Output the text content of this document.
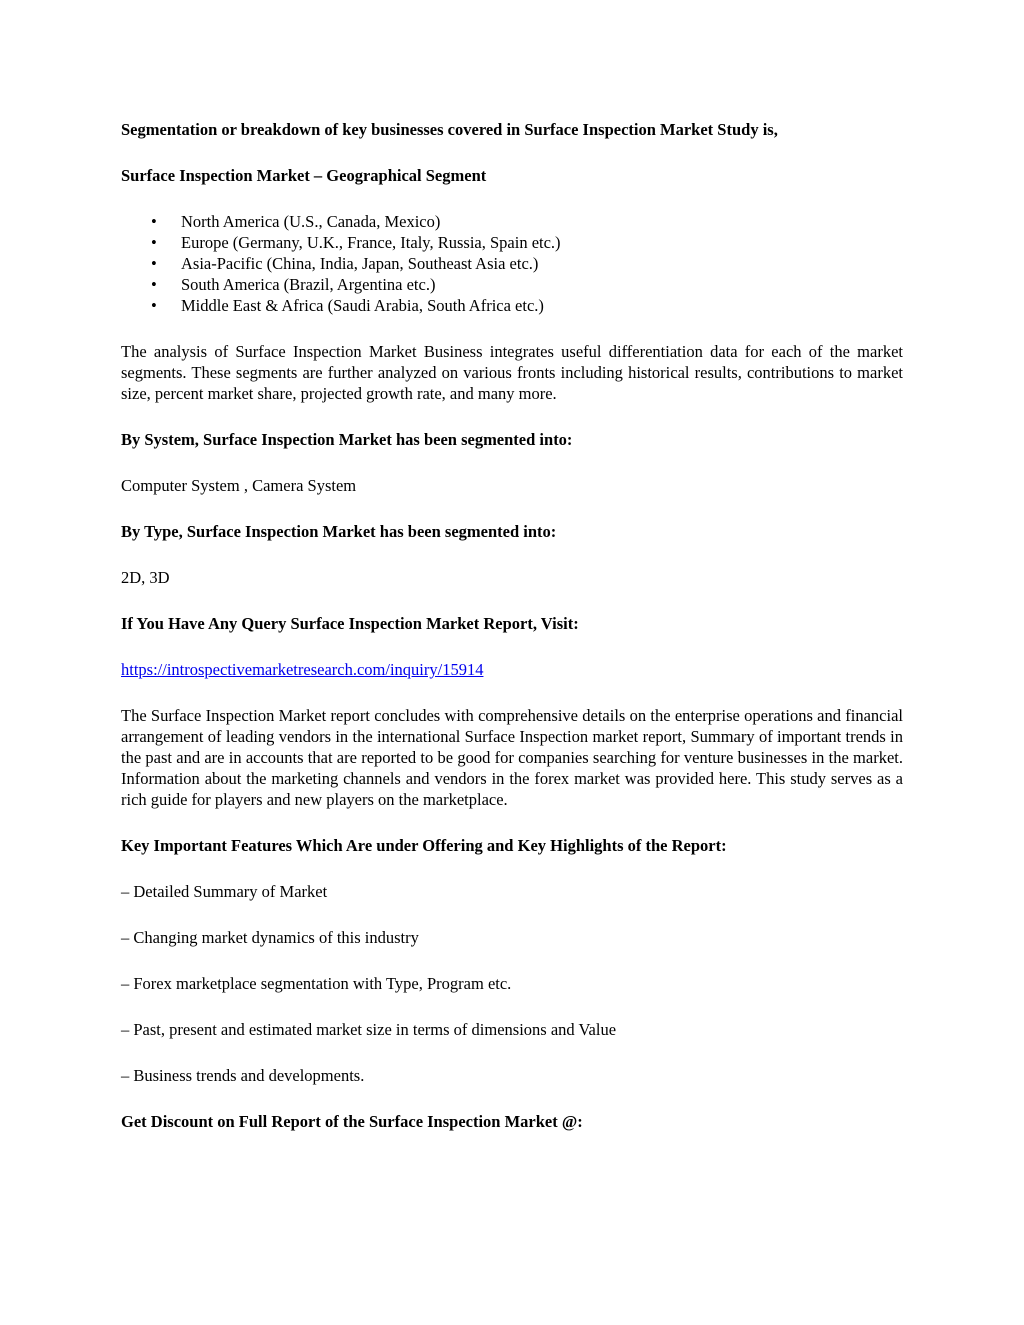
Segmentation or breakdown of key businesses covered in Surface Inspection Market Study is,

Surface Inspection Market – Geographical Segment

• North America (U.S., Canada, Mexico)
• Europe (Germany, U.K., France, Italy, Russia, Spain etc.)
• Asia-Pacific (China, India, Japan, Southeast Asia etc.)
• South America (Brazil, Argentina etc.)
• Middle East & Africa (Saudi Arabia, South Africa etc.)

The analysis of Surface Inspection Market Business integrates useful differentiation data for each of the market segments. These segments are further analyzed on various fronts including historical results, contributions to market size, percent market share, projected growth rate, and many more.

By System, Surface Inspection Market has been segmented into:

Computer System , Camera System

By Type, Surface Inspection Market has been segmented into:

2D, 3D

If You Have Any Query Surface Inspection Market Report, Visit:

https://introspectivemarketresearch.com/inquiry/15914

The Surface Inspection Market report concludes with comprehensive details on the enterprise operations and financial arrangement of leading vendors in the international Surface Inspection market report, Summary of important trends in the past and are in accounts that are reported to be good for companies searching for venture businesses in the market. Information about the marketing channels and vendors in the forex market was provided here. This study serves as a rich guide for players and new players on the marketplace.

Key Important Features Which Are under Offering and Key Highlights of the Report:

– Detailed Summary of Market

– Changing market dynamics of this industry

– Forex marketplace segmentation with Type, Program etc.

– Past, present and estimated market size in terms of dimensions and Value

– Business trends and developments.

Get Discount on Full Report of the Surface Inspection Market @:
